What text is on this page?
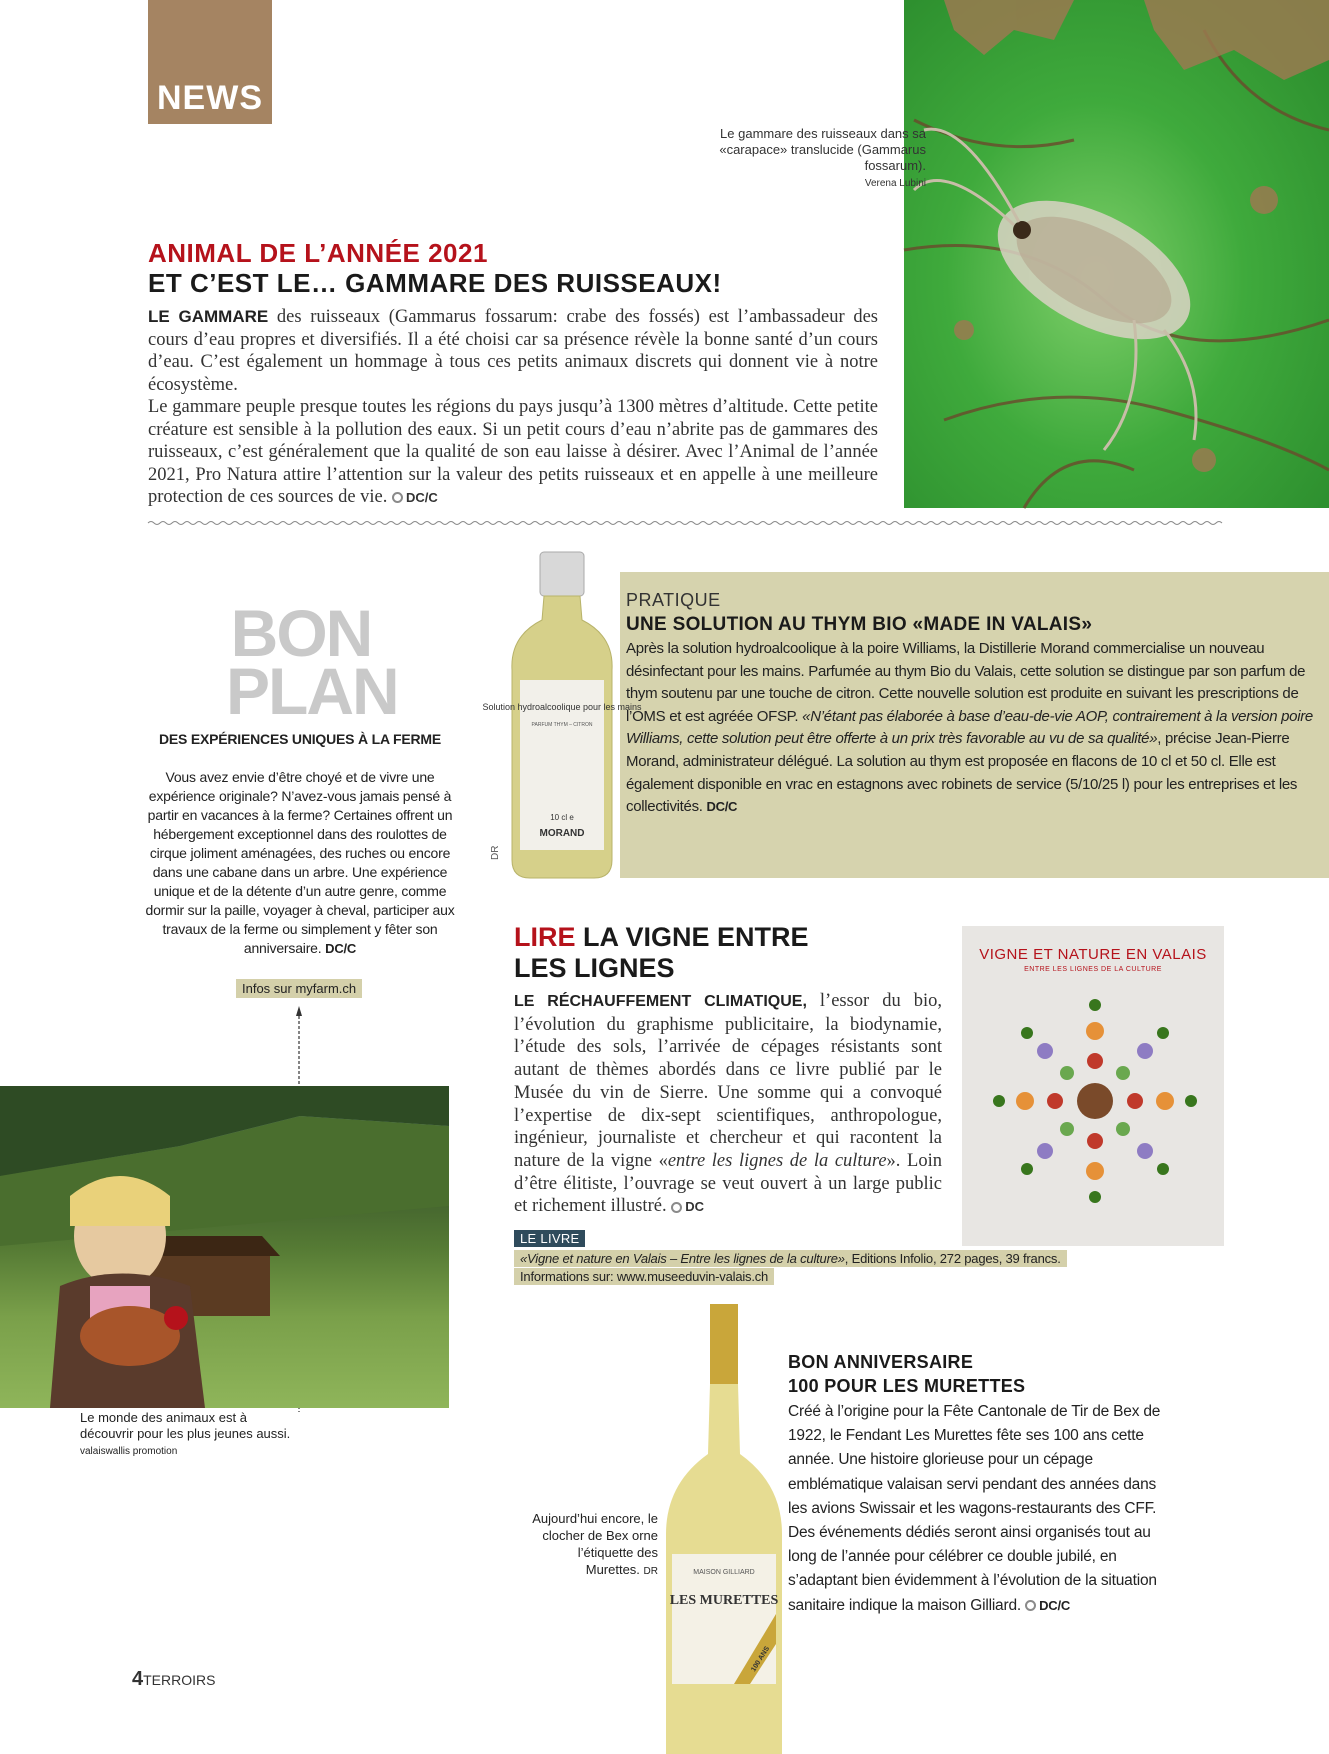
NEWS
Le gammare des ruisseaux dans sa «carapace» translucide (Gammarus fossarum).
Verena Lubini
ANIMAL DE L’ANNÉE 2021
ET C’EST LE… GAMMARE DES RUISSEAUX!

LE GAMMARE des ruisseaux (Gammarus fossarum: crabe des fossés) est l’ambassadeur des cours d’eau propres et diversifiés. Il a été choisi car sa présence révèle la bonne santé d’un cours d’eau. C’est également un hommage à tous ces petits animaux discrets qui donnent vie à notre écosystème.

Le gammare peuple presque toutes les régions du pays jusqu’à 1300 mètres d’altitude. Cette petite créature est sensible à la pollution des eaux. Si un petit cours d’eau n’abrite pas de gammares des ruisseaux, c’est généralement que la qualité de son eau laisse à désirer. Avec l’Animal de l’année 2021, Pro Natura attire l’attention sur la valeur des petits ruisseaux et en appelle à une meilleure protection de ces sources de vie. DC/C

BON
PLAN
DES EXPÉRIENCES UNIQUES À LA FERME
Vous avez envie d’être choyé et de vivre une expérience originale? N’avez-vous jamais pensé à partir en vacances à la ferme? Certaines offrent un hébergement exceptionnel dans des roulottes de cirque joliment aménagées, des ruches ou encore dans une cabane dans un arbre. Une expérience unique et de la détente d’un autre genre, comme dormir sur la paille, voyager à cheval, participer aux travaux de la ferme ou simplement y fêter son anniversaire. DC/C
Infos sur myfarm.ch
Le monde des animaux est à découvrir pour les plus jeunes aussi. valaiswallis promotion
Solution hydroalcoolique pour les mains
PARFUM THYM – CITRON
10 cl e
MORAND
DR
PRATIQUE
UNE SOLUTION AU THYM BIO «MADE IN VALAIS»
Après la solution hydroalcoolique à la poire Williams, la Distillerie Morand commercialise un nouveau désinfectant pour les mains. Parfumée au thym Bio du Valais, cette solution se distingue par son parfum de thym soutenu par une touche de citron. Cette nouvelle solution est produite en suivant les prescriptions de l’OMS et est agréée OFSP. «N’étant pas élaborée à base d’eau-de-vie AOP, contrairement à la version poire Williams, cette solution peut être offerte à un prix très favorable au vu de sa qualité», précise Jean-Pierre Morand, administrateur délégué. La solution au thym est proposée en flacons de 10 cl et 50 cl. Elle est également disponible en vrac en estagnons avec robinets de service (5/10/25 l) pour les entreprises et les collectivités. DC/C
LIRE LA VIGNE ENTRE
LES LIGNES
LE RÉCHAUFFEMENT CLIMATIQUE, l’essor du bio, l’évolution du graphisme publicitaire, la biodynamie, l’étude des sols, l’arrivée de cépages résistants sont autant de thèmes abordés dans ce livre publié par le Musée du vin de Sierre. Une somme qui a convoqué l’expertise de dix-sept scientifiques, anthropologue, ingénieur, journaliste et chercheur et qui racontent la nature de la vigne «entre les lignes de la culture». Loin d’être élitiste, l’ouvrage se veut ouvert à un large public et richement illustré. DC
VIGNE ET NATURE EN VALAIS
ENTRE LES LIGNES DE LA CULTURE
LE LIVRE
«Vigne et nature en Valais – Entre les lignes de la culture», Editions Infolio, 272 pages, 39 francs.
Informations sur: www.museeduvin-valais.ch
MAISON GILLIARD
LES MURETTES
100 ANS
Aujourd’hui encore, le clocher de Bex orne l’étiquette des Murettes. DR
BON ANNIVERSAIRE
100 POUR LES MURETTES
Créé à l’origine pour la Fête Cantonale de Tir de Bex de 1922, le Fendant Les Murettes fête ses 100 ans cette année. Une histoire glorieuse pour un cépage emblématique valaisan servi pendant des années dans les avions Swissair et les wagons-restaurants des CFF. Des événements dédiés seront ainsi organisés tout au long de l’année pour célébrer ce double jubilé, en s’adaptant bien évidemment à l’évolution de la situation sanitaire indique la maison Gilliard. DC/C
4TERROIRS
